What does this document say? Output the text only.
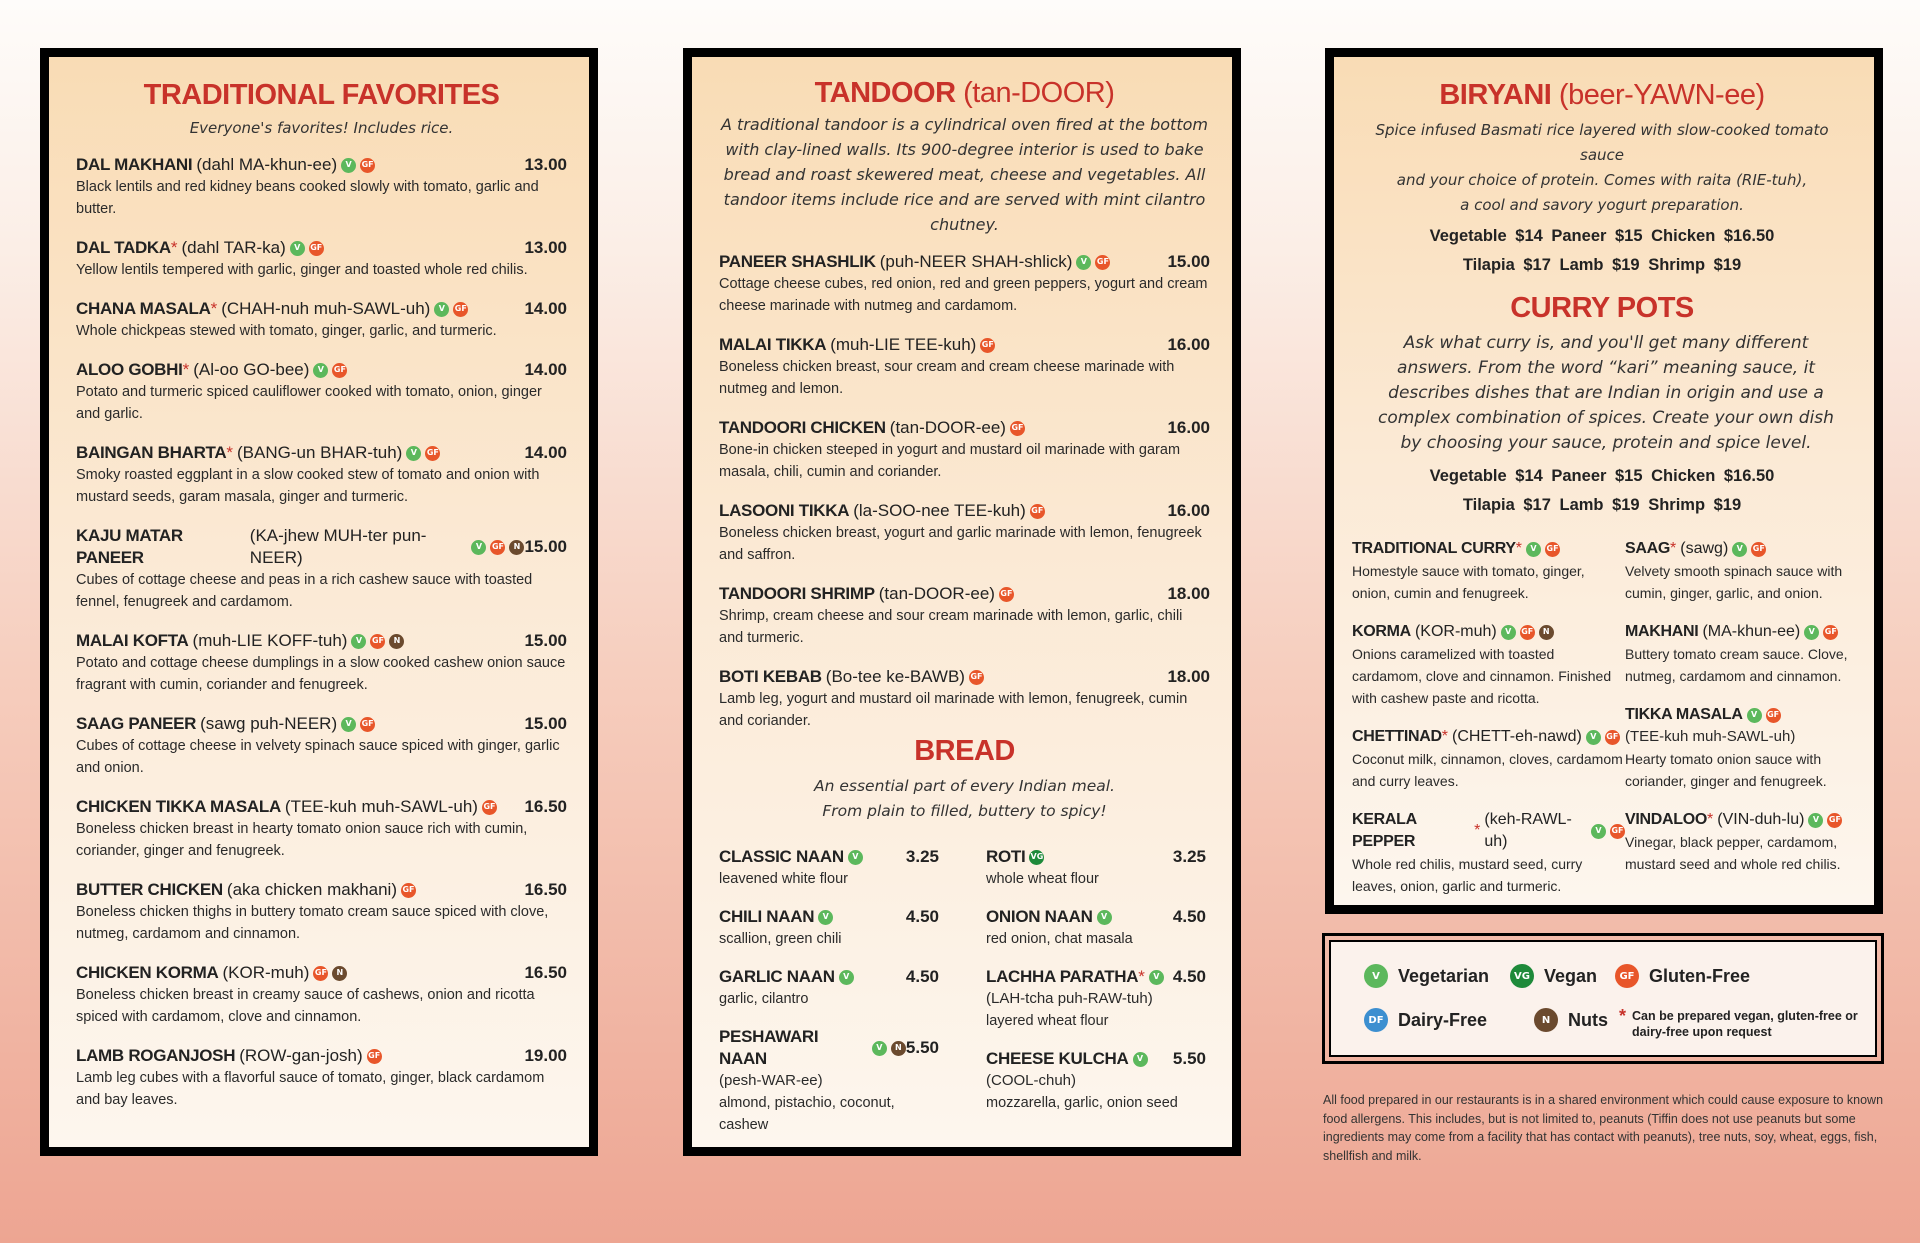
TRADITIONAL FAVORITES

Everyone's favorites! Includes rice.

DAL MAKHANI (dahl MA-khun-ee)	V	GF	13.00
Black lentils and red kidney beans cooked slowly with tomato, garlic and butter.
DAL TADKA * (dahl TAR-ka)	V	GF	13.00
Yellow lentils tempered with garlic, ginger and toasted whole red chilis.
CHANA MASALA * (CHAH-nuh muh-SAWL-uh)	V	GF	14.00
Whole chickpeas stewed with tomato, ginger, garlic, and turmeric.
ALOO GOBHI * (Al-oo GO-bee)	V	GF	14.00
Potato and turmeric spiced cauliflower cooked with tomato, onion, ginger and garlic.
BAINGAN BHARTA * (BANG-un BHAR-tuh)	V	GF	14.00
Smoky roasted eggplant in a slow cooked stew of tomato and onion with mustard seeds, garam masala, ginger and turmeric.
KAJU MATAR PANEER
(KA-jhew MUH-ter pun-NEER)
V	GF	N 15.00
Cubes of cottage cheese and peas in a rich cashew sauce with toasted fennel, fenugreek and cardamom.
MALAI KOFTA (muh-LIE KOFF-tuh)	V	GF	N	15.00
Potato and cottage cheese dumplings in a slow cooked cashew onion sauce fragrant with cumin, coriander and fenugreek.
SAAG PANEER (sawg puh-NEER)	V	GF	15.00
Cubes of cottage cheese in velvety spinach sauce spiced with ginger, garlic and onion.
CHICKEN TIKKA MASALA (TEE-kuh muh-SAWL-uh) GF 16.50
Boneless chicken breast in hearty tomato onion sauce rich with cumin, coriander, ginger and fenugreek.
BUTTER CHICKEN (aka chicken makhani) GF	16.50
Boneless chicken thighs in buttery tomato cream sauce spiced with clove, nutmeg, cardamom and cinnamon.
CHICKEN KORMA (KOR-muh) GF	N	16.50
Boneless chicken breast in creamy sauce of cashews, onion and ricotta spiced with cardamom, clove and cinnamon.
LAMB ROGANJOSH (ROW-gan-josh) GF	19.00
Lamb leg cubes with a flavorful sauce of tomato, ginger, black cardamom and bay leaves.
TANDOOR (tan-DOOR)

A traditional tandoor is a cylindrical oven fired at the bottom with clay-lined walls. Its 900-degree interior is used to bake bread and roast skewered meat, cheese and vegetables. All tandoor items include rice and are served with mint cilantro chutney.

PANEER SHASHLIK (puh-NEER SHAH-shlick)	V	GF	15.00
Cottage cheese cubes, red onion, red and green peppers, yogurt and cream cheese marinade with nutmeg and cardamom.
MALAI TIKKA (muh-LIE TEE-kuh) GF	16.00
Boneless chicken breast, sour cream and cream cheese marinade with nutmeg and lemon.
TANDOORI CHICKEN (tan-DOOR-ee) GF	16.00
Bone-in chicken steeped in yogurt and mustard oil marinade with garam masala, chili, cumin and coriander.
LASOONI TIKKA (la-SOO-nee TEE-kuh) GF	16.00
Boneless chicken breast, yogurt and garlic marinade with lemon, fenugreek and saffron.
TANDOORI SHRIMP (tan-DOOR-ee) GF	18.00
Shrimp, cream cheese and sour cream marinade with lemon, garlic, chili and turmeric.
BOTI KEBAB (Bo-tee ke-BAWB) GF	18.00
Lamb leg, yogurt and mustard oil marinade with lemon, fenugreek, cumin and coriander.
BREAD

An essential part of every Indian meal.

From plain to filled, buttery to spicy!

CLASSIC NAAN	V	3.25
leavened white flour
CHILI NAAN	V	4.50
scallion, green chili
GARLIC NAAN	V	4.50
garlic, cilantro
PESHAWARI NAAN
V	N 5.50
(pesh-WAR-ee)
almond, pistachio, coconut, cashew
ROTI VG	3.25
whole wheat flour
ONION NAAN	V	4.50
red onion, chat masala
LACHHA PARATHA *	V 4.50
(LAH-tcha puh-RAW-tuh)
layered wheat flour
CHEESE KULCHA	V 5.50
(COOL-chuh)
mozzarella, garlic, onion seed
BIRYANI (beer-YAWN-ee)

Spice infused Basmati rice layered with slow-cooked tomato sauce

and your choice of protein. Comes with raita (RIE-tuh),

a cool and savory yogurt preparation.

Vegetable $14 Paneer $15 Chicken $16.50
Tilapia $17 Lamb $19 Shrimp $19
CURRY POTS

Ask what curry is, and you'll get many different answers. From the word “kari” meaning sauce, it describes dishes that are Indian in origin and use a complex combination of spices. Create your own dish by choosing your sauce, protein and spice level.

Vegetable $14 Paneer $15 Chicken $16.50
Tilapia $17 Lamb $19 Shrimp $19
TRADITIONAL CURRY *	V	GF
Homestyle sauce with tomato, ginger, onion, cumin and fenugreek.
KORMA (KOR-muh)	V	GF	N
Onions caramelized with toasted cardamom, clove and cinnamon. Finished with cashew paste and ricotta.
CHETTINAD * (CHETT-eh-nawd)	V	GF
Coconut milk, cinnamon, cloves, cardamom and curry leaves.
KERALA PEPPER
*
(keh-RAWL-uh)
V	GF
Whole red chilis, mustard seed, curry leaves, onion, garlic and turmeric.
SAAG * (sawg)	V	GF
Velvety smooth spinach sauce with cumin, ginger, garlic, and onion.
MAKHANI (MA-khun-ee)	V	GF
Buttery tomato cream sauce. Clove, nutmeg, cardamom and cinnamon.
TIKKA MASALA	V	GF
(TEE-kuh muh-SAWL-uh)
Hearty tomato onion sauce with coriander, ginger and fenugreek.
VINDALOO * (VIN-duh-lu)	V	GF
Vinegar, black pepper, cardamom, mustard seed and whole red chilis.
V	Vegetarian	VG Vegan	GF Gluten-Free
DF Dairy-Free	N Nuts * Can be prepared vegan, gluten-free or dairy-free upon request

All food prepared in our restaurants is in a shared environment which could cause exposure to known food allergens. This includes, but is not limited to, peanuts (Tiffin does not use peanuts but some ingredients may come from a facility that has contact with peanuts), tree nuts, soy, wheat, eggs, fish, shellfish and milk.
